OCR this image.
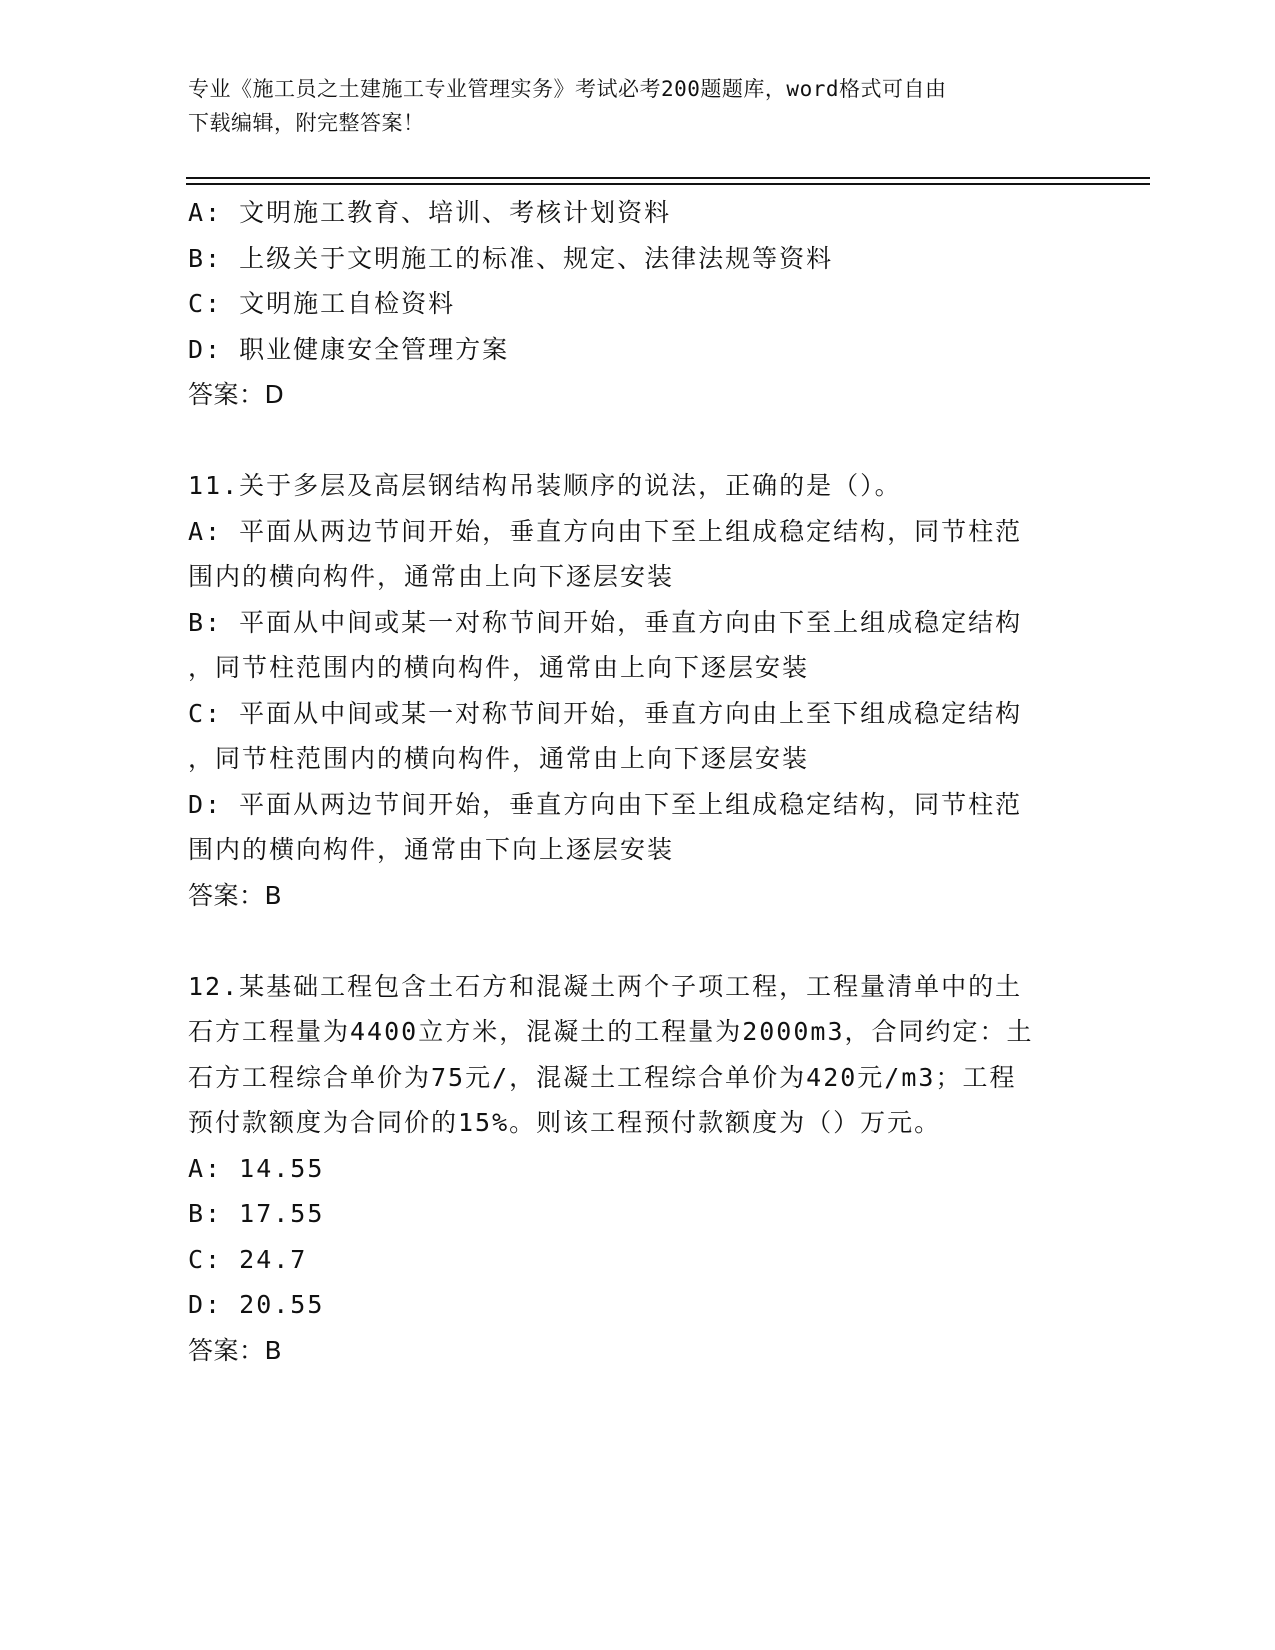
专业《施工员之土建施工专业管理实务》考试必考200题题库，word格式可自由
下载编辑，附完整答案！
A: 文明施工教育、培训、考核计划资料
B: 上级关于文明施工的标准、规定、法律法规等资料
C: 文明施工自检资料
D: 职业健康安全管理方案
答案：D
11.关于多层及高层钢结构吊装顺序的说法，正确的是（）。
A: 平面从两边节间开始，垂直方向由下至上组成稳定结构，同节柱范
围内的横向构件，通常由上向下逐层安装
B: 平面从中间或某一对称节间开始，垂直方向由下至上组成稳定结构
，同节柱范围内的横向构件，通常由上向下逐层安装
C: 平面从中间或某一对称节间开始，垂直方向由上至下组成稳定结构
，同节柱范围内的横向构件，通常由上向下逐层安装
D: 平面从两边节间开始，垂直方向由下至上组成稳定结构，同节柱范
围内的横向构件，通常由下向上逐层安装
答案：B
12.某基础工程包含土石方和混凝土两个子项工程，工程量清单中的土
石方工程量为4400立方米，混凝土的工程量为2000m3，合同约定：土
石方工程综合单价为75元/，混凝土工程综合单价为420元/m3；工程
预付款额度为合同价的15%。则该工程预付款额度为（）万元。
A: 14.55
B: 17.55
C: 24.7
D: 20.55
答案：B
